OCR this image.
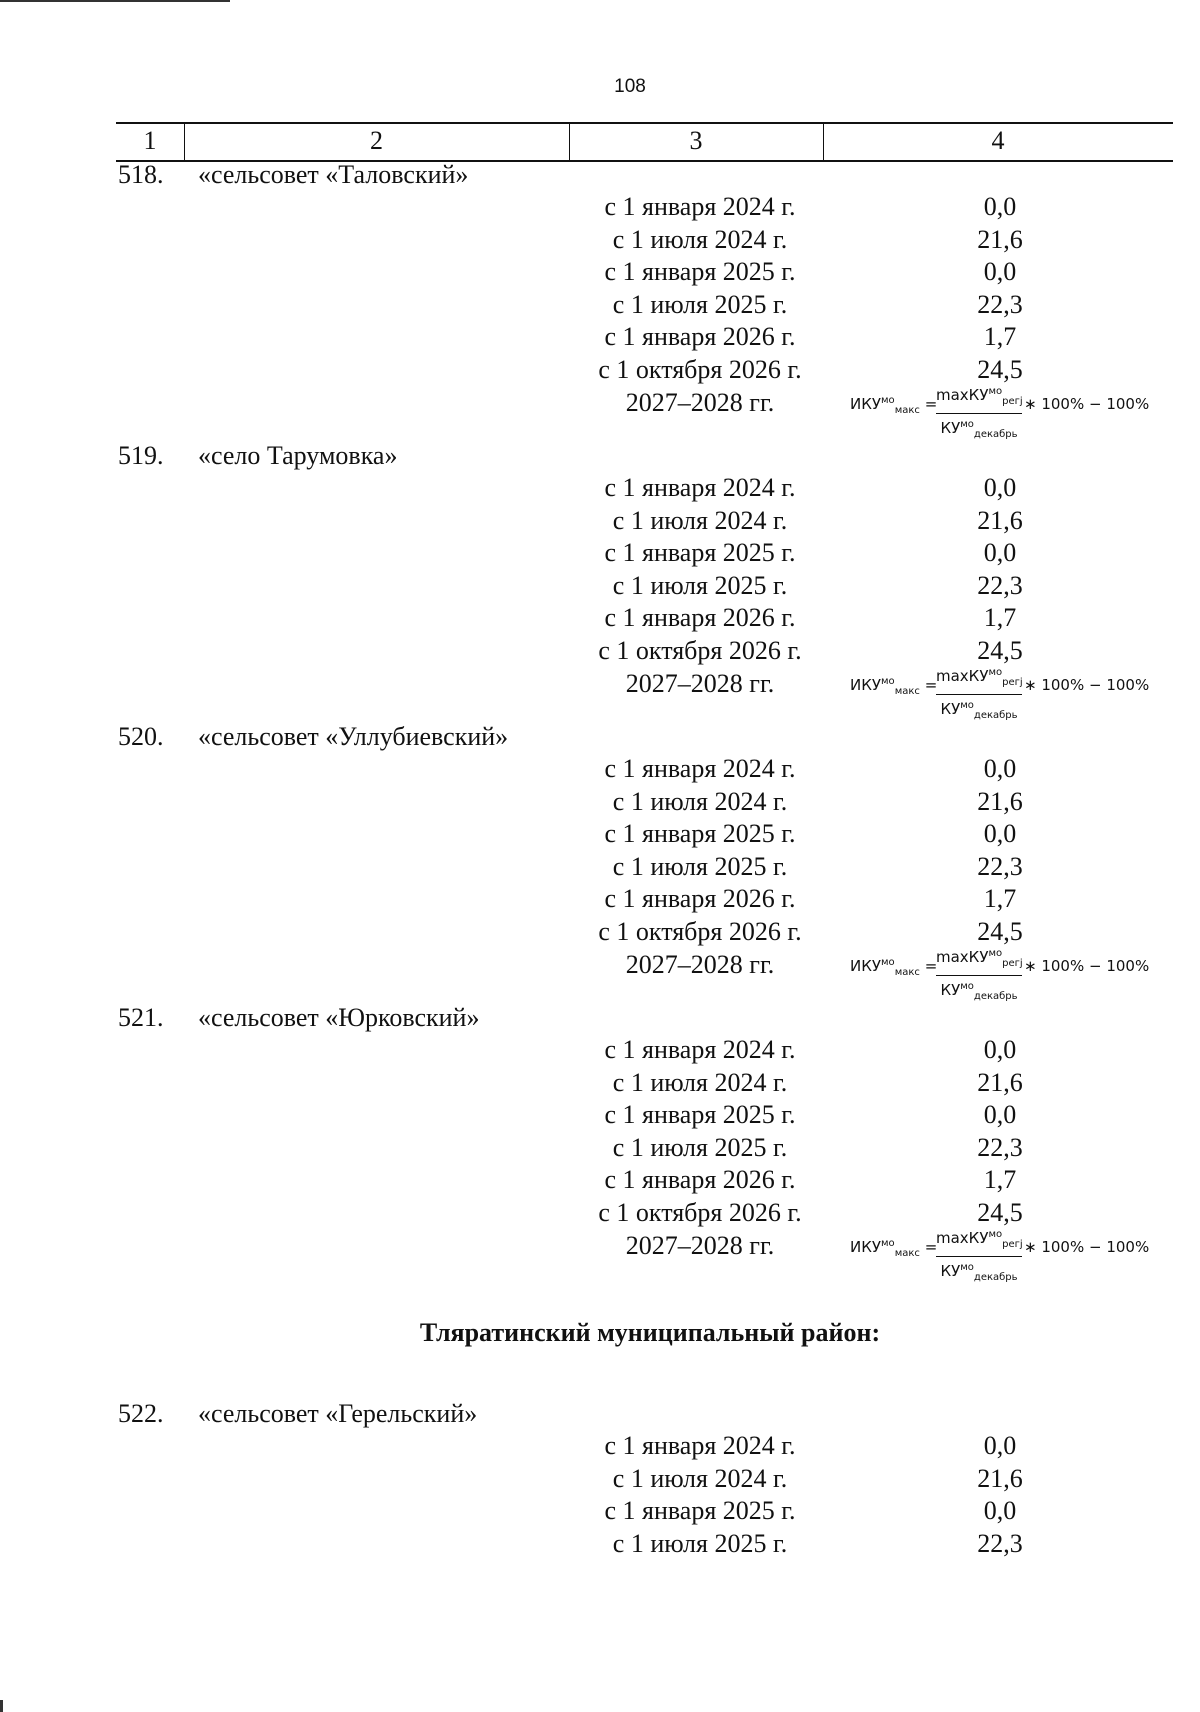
108
1	2	3	4
518. «сельсовет «Таловский»
с 1 января 2024 г.	0,0
с 1 июля 2024 г.	21,6
с 1 января 2025 г.	0,0
с 1 июля 2025 г.	22,3
с 1 января 2026 г.	1,7
с 1 октября 2026 г.	24,5
2027–2028 гг.	$ИКУ^{мо}_{макс}$ =
maxКУ$^{мо}_{pегj}$
$КУ^{мо}_{декабрь}$
∗ 100% − 100%
519. «село Тарумовка»
с 1 января 2024 г.	0,0
с 1 июля 2024 г.	21,6
с 1 января 2025 г.	0,0
с 1 июля 2025 г.	22,3
с 1 января 2026 г.	1,7
с 1 октября 2026 г.	24,5
2027–2028 гг.	$ИКУ^{мо}_{макс}$ =
maxКУ$^{мо}_{pегj}$
$КУ^{мо}_{декабрь}$
∗ 100% − 100%
520. «сельсовет «Уллубиевский»
с 1 января 2024 г.	0,0
с 1 июля 2024 г.	21,6
с 1 января 2025 г.	0,0
с 1 июля 2025 г.	22,3
с 1 января 2026 г.	1,7
с 1 октября 2026 г.	24,5
2027–2028 гг.	$ИКУ^{мо}_{макс}$ =
maxКУ$^{мо}_{pегj}$
$КУ^{мо}_{декабрь}$
∗ 100% − 100%
521. «сельсовет «Юрковский»
с 1 января 2024 г.	0,0
с 1 июля 2024 г.	21,6
с 1 января 2025 г.	0,0
с 1 июля 2025 г.	22,3
с 1 января 2026 г.	1,7
с 1 октября 2026 г.	24,5
2027–2028 гг.	$ИКУ^{мо}_{макс}$ =
maxКУ$^{мо}_{pегj}$
$КУ^{мо}_{декабрь}$
∗ 100% − 100%
Тляратинский муниципальный район:
522. «сельсовет «Герельский»
с 1 января 2024 г.	0,0
с 1 июля 2024 г.	21,6
с 1 января 2025 г.	0,0
с 1 июля 2025 г.	22,3
